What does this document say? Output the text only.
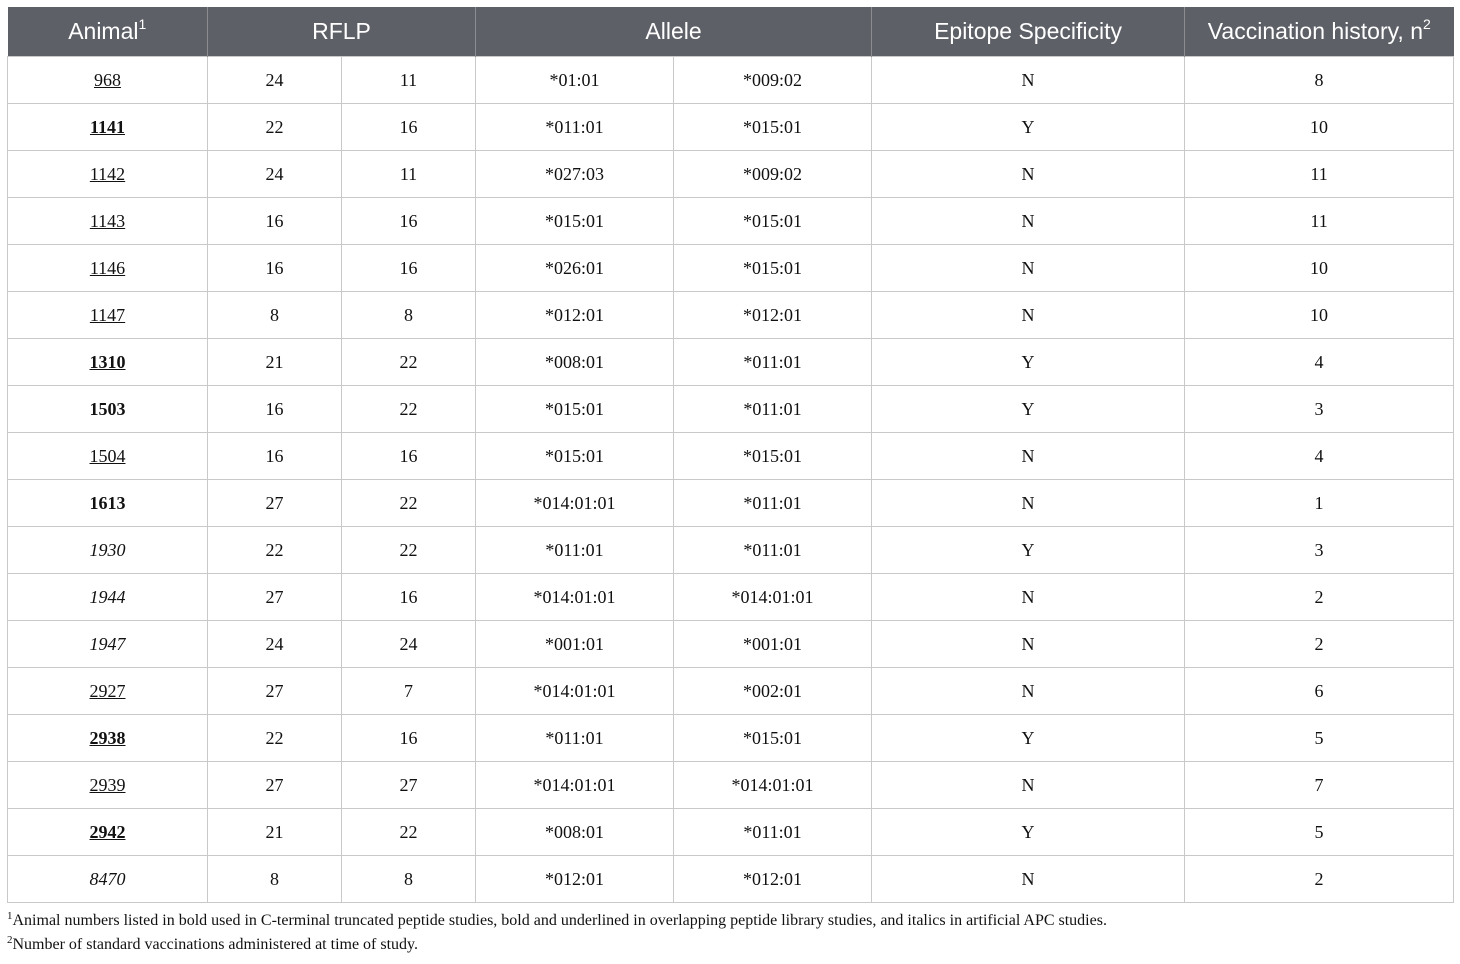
Animal$^1$	RFLP		Allele		Epitope Specificity	Vaccination history, $n^2$
968	24	11	*01:01	*009:02	N	8
1141	22	16	*011:01	*015:01	Y	10
1142	24	11	*027:03	*009:02	N	11
1143	16	16	*015:01	*015:01	N	11
1146	16	16	*026:01	*015:01	N	10
1147	8	8	*012:01	*012:01	N	10
1310	21	22	*008:01	*011:01	Y	4
1503	16	22	*015:01	*011:01	Y	3
1504	16	16	*015:01	*015:01	N	4
1613	27	22	*014:01:01	*011:01	N	1
1930	22	22	*011:01	*011:01	Y	3
1944	27	16	*014:01:01	*014:01:01	N	2
1947	24	24	*001:01	*001:01	N	2
2927	27	7	*014:01:01	*002:01	N	6
2938	22	16	*011:01	*015:01	Y	5
2939	27	27	*014:01:01	*014:01:01	N	7
2942	21	22	*008:01	*011:01	Y	5
8470	8	8	*012:01	*012:01	N	2
$^1$Animal numbers listed in bold used in C-terminal truncated peptide studies, bold and underlined in overlapping peptide library studies, and italics in artificial APC studies.
$^2$Number of standard vaccinations administered at time of study.
